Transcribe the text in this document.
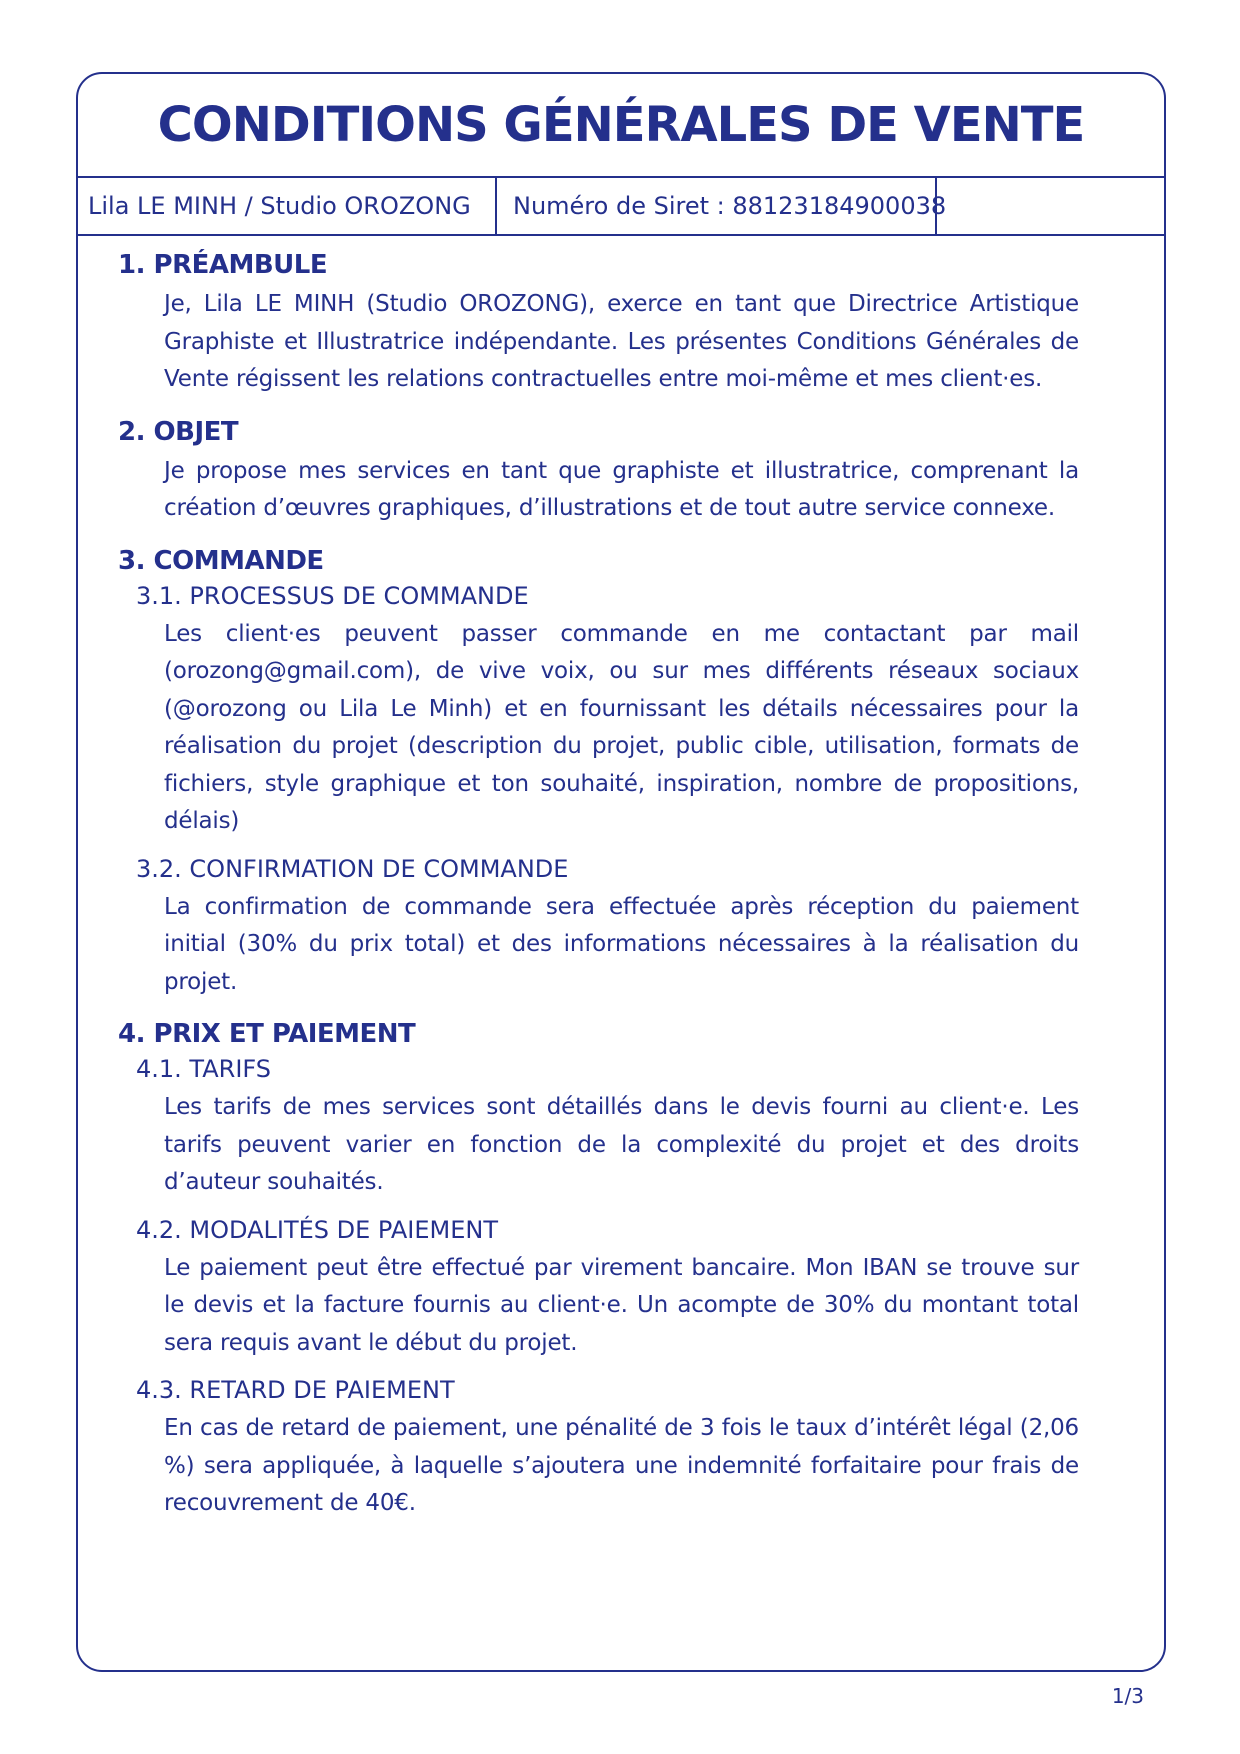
CONDITIONS GÉNÉRALES DE VENTE
Lila LE MINH / Studio OROZONG	Numéro de Siret : 88123184900038
1. PRÉAMBULE
Je, Lila LE MINH (Studio OROZONG), exerce en tant que Directrice Artistique Graphiste et Illustratrice indépendante. Les présentes Conditions Générales de Vente régissent les relations contractuelles entre moi-même et mes client·es.
2. OBJET
Je propose mes services en tant que graphiste et illustratrice, comprenant la création d’œuvres graphiques, d’illustrations et de tout autre service connexe.
3. COMMANDE
3.1. PROCESSUS DE COMMANDE
Les client·es peuvent passer commande en me contactant par mail (orozong@gmail.com), de vive voix, ou sur mes différents réseaux sociaux (@orozong ou Lila Le Minh) et en fournissant les détails nécessaires pour la réalisation du projet (description du projet, public cible, utilisation, formats de fichiers, style graphique et ton souhaité, inspiration, nombre de propositions, délais)
3.2. CONFIRMATION DE COMMANDE
La confirmation de commande sera effectuée après réception du paiement initial (30% du prix total) et des informations nécessaires à la réalisation du projet.
4. PRIX ET PAIEMENT
4.1. TARIFS
Les tarifs de mes services sont détaillés dans le devis fourni au client·e. Les tarifs peuvent varier en fonction de la complexité du projet et des droits d’auteur souhaités.
4.2. MODALITÉS DE PAIEMENT
Le paiement peut être effectué par virement bancaire. Mon IBAN se trouve sur le devis et la facture fournis au client·e. Un acompte de 30% du montant total sera requis avant le début du projet.
4.3. RETARD DE PAIEMENT
En cas de retard de paiement, une pénalité de 3 fois le taux d’intérêt légal (2,06 %) sera appliquée, à laquelle s’ajoutera une indemnité forfaitaire pour frais de recouvrement de 40€.
1/3
